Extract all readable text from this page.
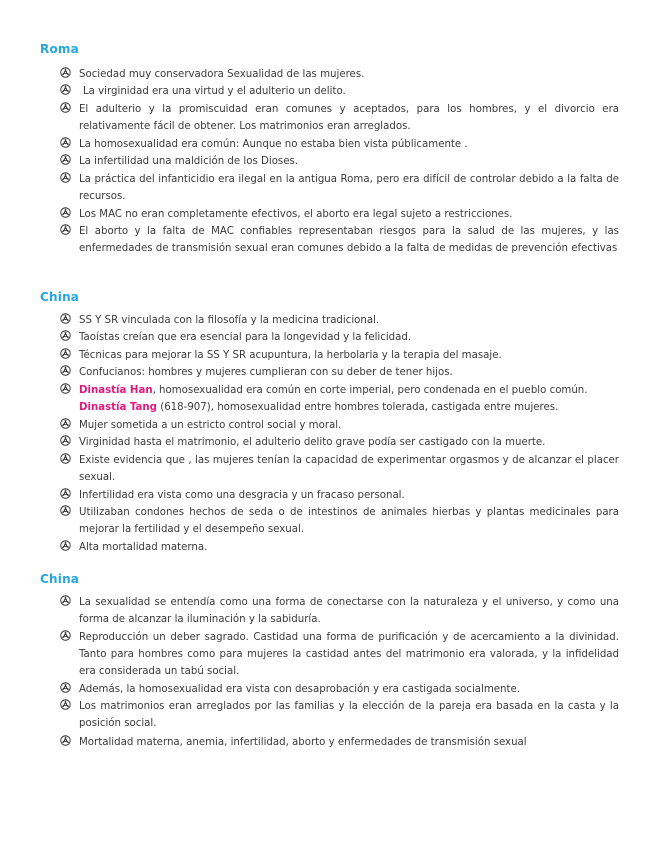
Roma
Sociedad muy conservadora Sexualidad de las mujeres.
La virginidad era una virtud y el adulterio un delito.
El adulterio y la promiscuidad eran comunes y aceptados, para los hombres, y el divorcio era relativamente fácil de obtener. Los matrimonios eran arreglados.
La homosexualidad era común: Aunque no estaba bien vista públicamente .
La infertilidad una maldición de los Dioses.
La práctica del infanticidio era ilegal en la antigua Roma, pero era difícil de controlar debido a la falta de recursos.
Los MAC no eran completamente efectivos, el aborto era legal sujeto a restricciones.
El aborto y la falta de MAC confiables representaban riesgos para la salud de las mujeres, y las enfermedades de transmisión sexual eran comunes debido a la falta de medidas de prevención efectivas
China
SS Y SR vinculada con la filosofía y la medicina tradicional.
Taoístas creían que era esencial para la longevidad y la felicidad.
Técnicas para mejorar la SS Y SR acupuntura, la herbolaria y la terapia del masaje.
Confucianos: hombres y mujeres cumplieran con su deber de tener hijos.
Dinastía Han, homosexualidad era común en corte imperial, pero condenada en el pueblo común.
Dinastía Tang (618-907), homosexualidad entre hombres tolerada, castigada entre mujeres.
Mujer sometida a un estricto control social y moral.
Virginidad hasta el matrimonio, el adulterio delito grave podía ser castigado con la muerte.
Existe evidencia que , las mujeres tenían la capacidad de experimentar orgasmos y de alcanzar el placer sexual.
Infertilidad era vista como una desgracia y un fracaso personal.
Utilizaban condones hechos de seda o de intestinos de animales hierbas y plantas medicinales para mejorar la fertilidad y el desempeño sexual.
Alta mortalidad materna.
China
La sexualidad se entendía como una forma de conectarse con la naturaleza y el universo, y como una forma de alcanzar la iluminación y la sabiduría.
Reproducción un deber sagrado. Castidad una forma de purificación y de acercamiento a la divinidad. Tanto para hombres como para mujeres la castidad antes del matrimonio era valorada, y la infidelidad era considerada un tabú social.
Además, la homosexualidad era vista con desaprobación y era castigada socialmente.
Los matrimonios eran arreglados por las familias y la elección de la pareja era basada en la casta y la posición social.
Mortalidad materna, anemia, infertilidad, aborto y enfermedades de transmisión sexual
